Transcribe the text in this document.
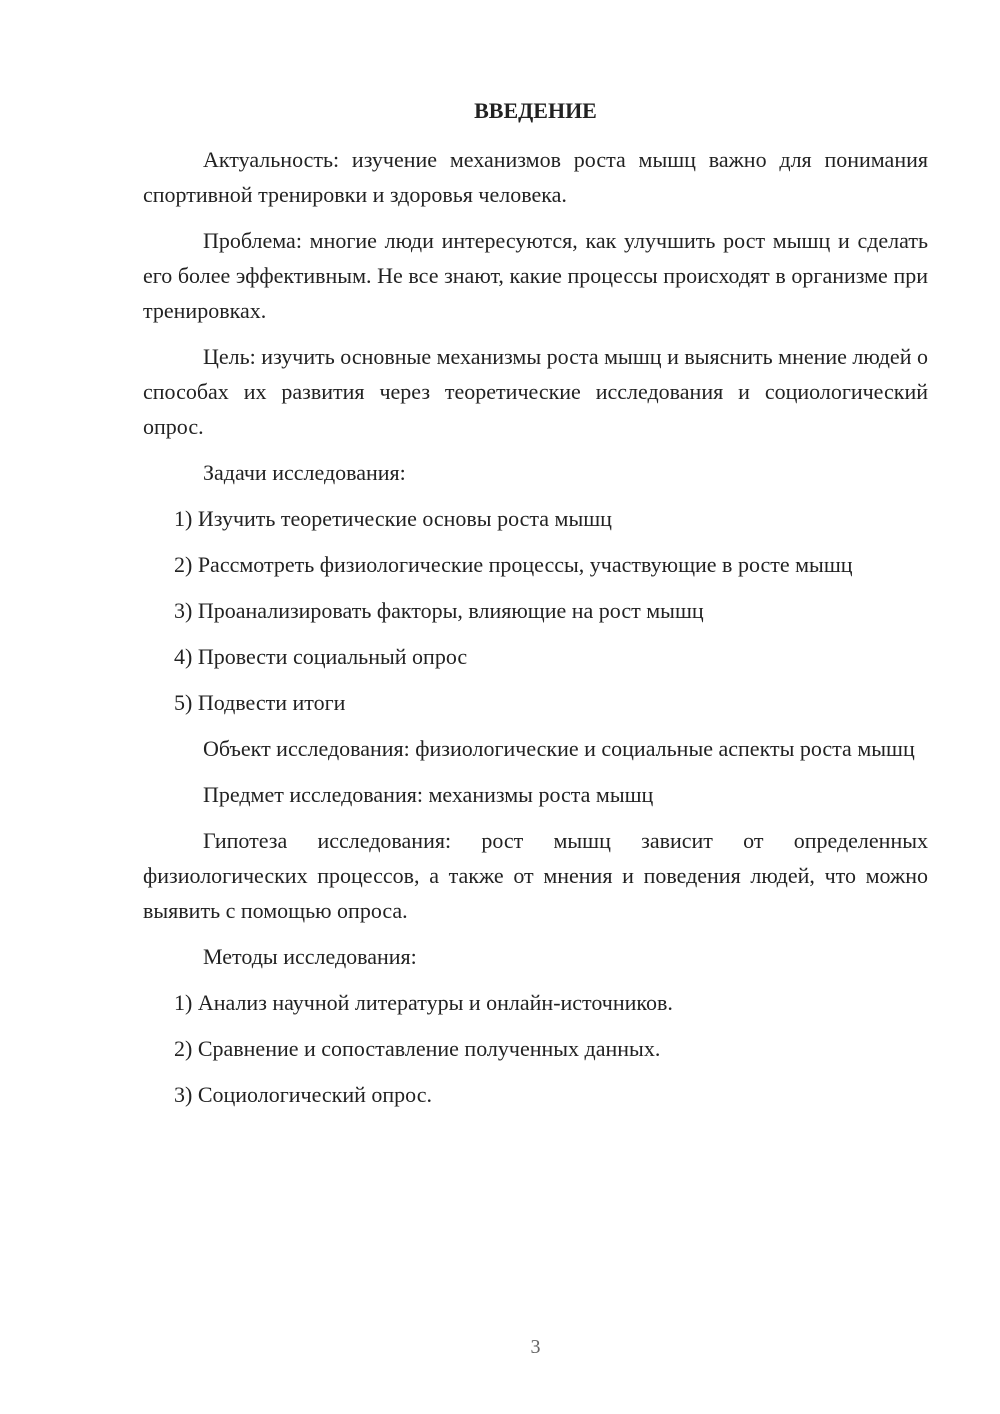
ВВЕДЕНИЕ

Актуальность: изучение механизмов роста мышц важно для понимания спортивной тренировки и здоровья человека.

Проблема: многие люди интересуются, как улучшить рост мышц и сделать его более эффективным. Не все знают, какие процессы происходят в организме при тренировках.

Цель: изучить основные механизмы роста мышц и выяснить мнение людей о способах их развития через теоретические исследования и социологический опрос.

Задачи исследования:

1) Изучить теоретические основы роста мышц

2) Рассмотреть физиологические процессы, участвующие в росте мышц

3) Проанализировать факторы, влияющие на рост мышц

4) Провести социальный опрос

5) Подвести итоги

Объект исследования: физиологические и социальные аспекты роста мышц

Предмет исследования: механизмы роста мышц

Гипотеза исследования: рост мышц зависит от определенных физиологических процессов, а также от мнения и поведения людей, что можно выявить с помощью опроса.

Методы исследования:

1) Анализ научной литературы и онлайн-источников.

2) Сравнение и сопоставление полученных данных.

3) Социологический опрос.

3
